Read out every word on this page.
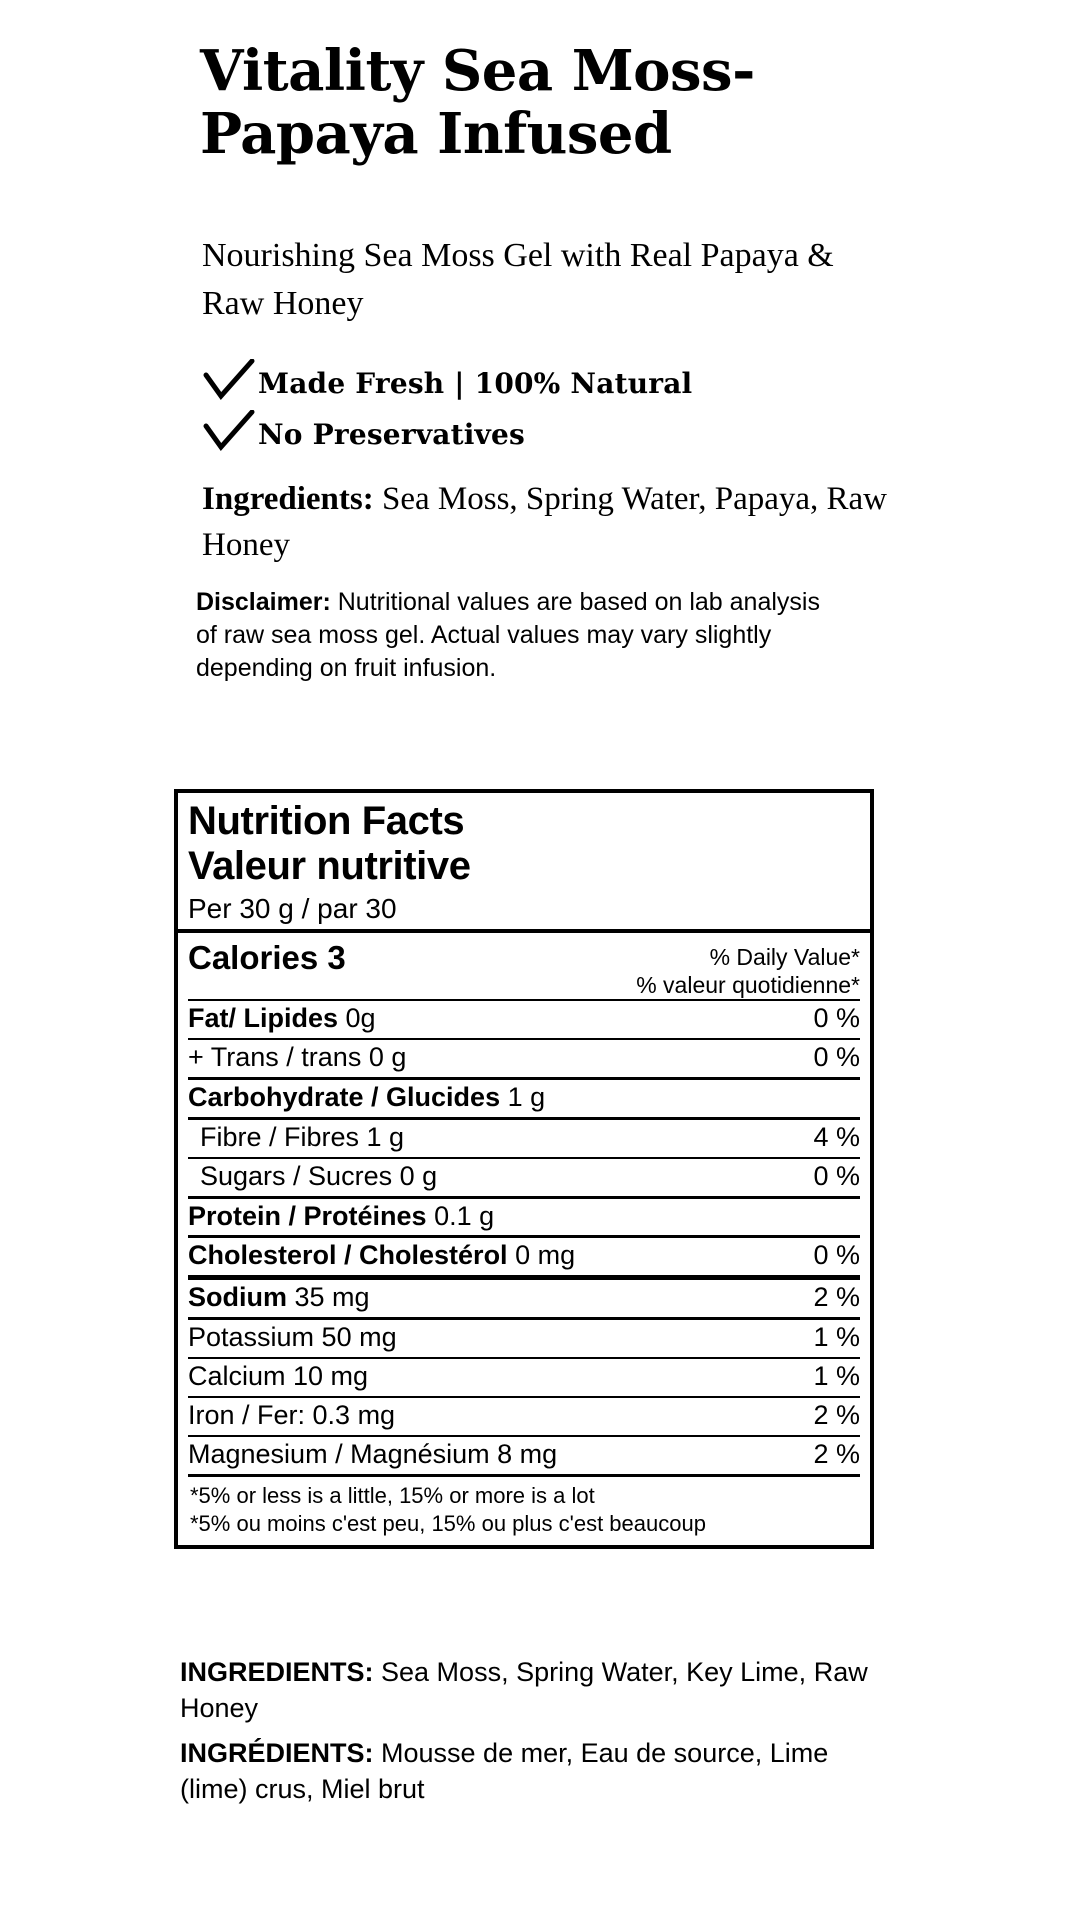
Vitality Sea Moss-Papaya Infused
Nourishing Sea Moss Gel with Real Papaya & Raw Honey
Made Fresh | 100% Natural
No Preservatives
Ingredients: Sea Moss, Spring Water, Papaya, Raw Honey
Disclaimer: Nutritional values are based on lab analysis of raw sea moss gel. Actual values may vary slightly depending on fruit infusion.
Nutrition Facts
Valeur nutritive
Per 30 g / par 30
Calories 3	% Daily Value*
% valeur quotidienne*
Fat/ Lipides 0g	0 %
+ Trans / trans 0 g	0 %
Carbohydrate / Glucides 1 g
Fibre / Fibres 1 g	4 %
Sugars / Sucres 0 g	0 %
Protein / Protéines 0.1 g
Cholesterol / Cholestérol 0 mg	0 %
Sodium 35 mg	2 %
Potassium 50 mg	1 %
Calcium 10 mg	1 %
Iron / Fer: 0.3 mg	2 %
Magnesium / Magnésium 8 mg	2 %
*5% or less is a little, 15% or more is a lot
*5% ou moins c'est peu, 15% ou plus c'est beaucoup
INGREDIENTS: Sea Moss, Spring Water, Key Lime, Raw Honey
INGRÉDIENTS: Mousse de mer, Eau de source, Lime (lime) crus, Miel brut
